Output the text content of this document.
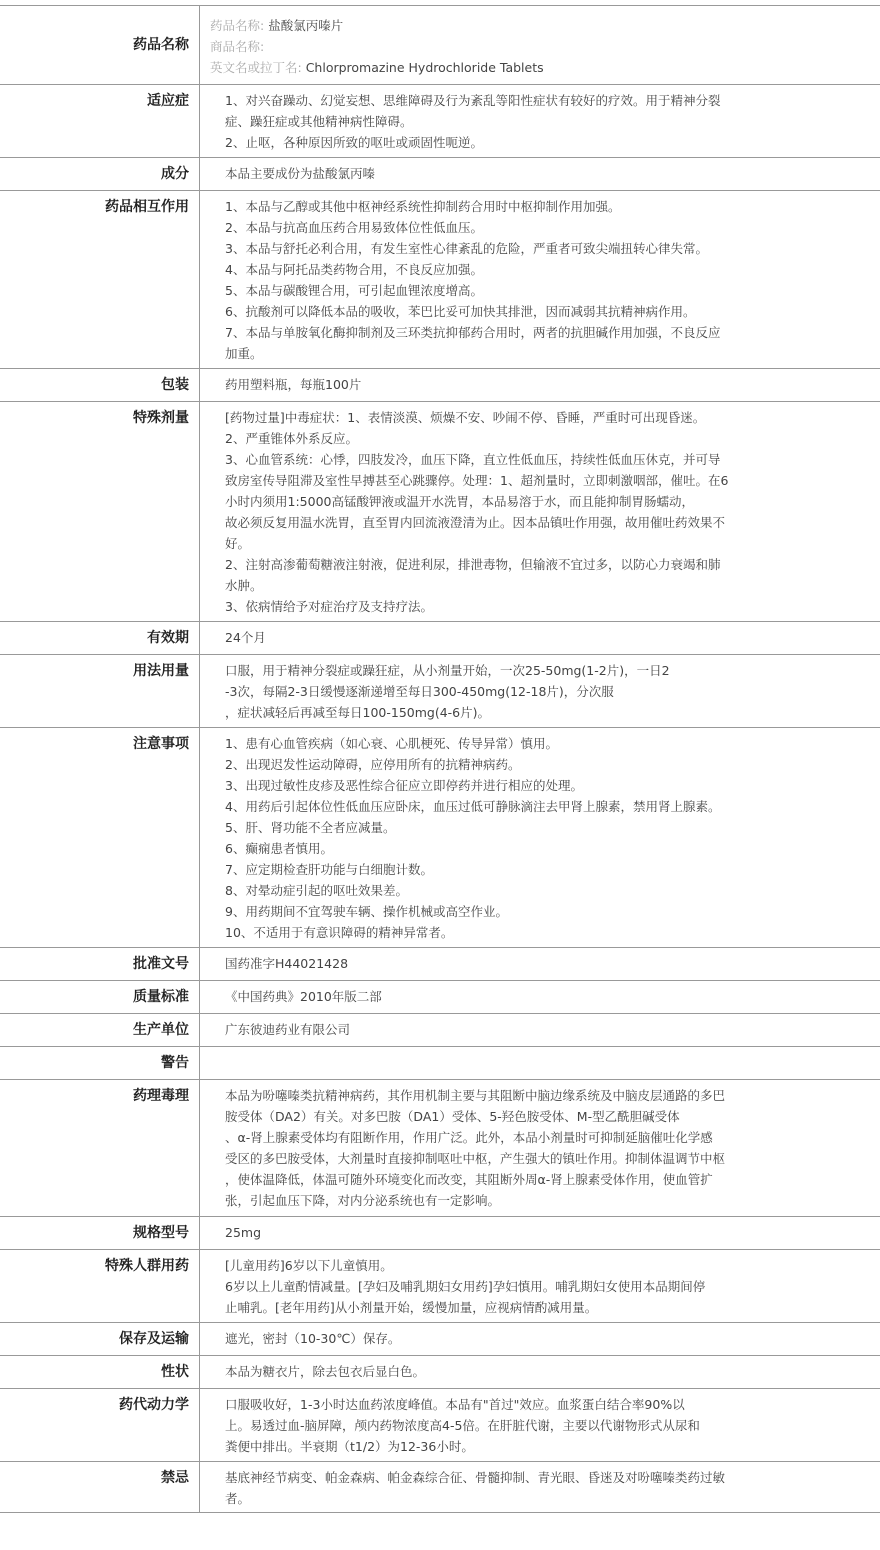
药品名称
药品名称: 盐酸氯丙嗪片
商品名称:
英文名或拉丁名: Chlorpromazine Hydrochloride Tablets
适应症	1、对兴奋躁动、幻觉妄想、思维障碍及行为紊乱等阳性症状有较好的疗效。用于精神分裂
症、躁狂症或其他精神病性障碍。
2、止呕，各种原因所致的呕吐或顽固性呃逆。
成分	本品主要成份为盐酸氯丙嗪
药品相互作用	1、本品与乙醇或其他中枢神经系统性抑制药合用时中枢抑制作用加强。
2、本品与抗高血压药合用易致体位性低血压。
3、本品与舒托必利合用，有发生室性心律紊乱的危险，严重者可致尖端扭转心律失常。
4、本品与阿托品类药物合用，不良反应加强。
5、本品与碳酸锂合用，可引起血锂浓度增高。
6、抗酸剂可以降低本品的吸收，苯巴比妥可加快其排泄，因而减弱其抗精神病作用。
7、本品与单胺氧化酶抑制剂及三环类抗抑郁药合用时，两者的抗胆碱作用加强，不良反应
加重。
包装	药用塑料瓶，每瓶100片
特殊剂量	[药物过量]中毒症状：1、表情淡漠、烦燥不安、吵闹不停、昏睡，严重时可出现昏迷。
2、严重锥体外系反应。
3、心血管系统：心悸，四肢发冷，血压下降，直立性低血压，持续性低血压休克，并可导
致房室传导阻滞及室性早搏甚至心跳骤停。处理：1、超剂量时，立即刺激咽部，催吐。在6
小时内须用1:5000高锰酸钾液或温开水洗胃，本品易溶于水，而且能抑制胃肠蠕动，
故必须反复用温水洗胃，直至胃内回流液澄清为止。因本品镇吐作用强，故用催吐药效果不
好。
2、注射高渗葡萄糖液注射液，促进利尿，排泄毒物，但输液不宜过多，以防心力衰竭和肺
水肿。
3、依病情给予对症治疗及支持疗法。
有效期	24个月
用法用量	口服，用于精神分裂症或躁狂症，从小剂量开始，一次25-50mg(1-2片)，一日2
-3次，每隔2-3日缓慢逐渐递增至每日300-450mg(12-18片)，分次服
，症状减轻后再减至每日100-150mg(4-6片)。
注意事项	1、患有心血管疾病（如心衰、心肌梗死、传导异常）慎用。
2、出现迟发性运动障碍，应停用所有的抗精神病药。
3、出现过敏性皮疹及恶性综合征应立即停药并进行相应的处理。
4、用药后引起体位性低血压应卧床，血压过低可静脉滴注去甲肾上腺素，禁用肾上腺素。
5、肝、肾功能不全者应减量。
6、癫痫患者慎用。
7、应定期检查肝功能与白细胞计数。
8、对晕动症引起的呕吐效果差。
9、用药期间不宜驾驶车辆、操作机械或高空作业。
10、不适用于有意识障碍的精神异常者。
批准文号	国药准字H44021428
质量标准	《中国药典》2010年版二部
生产单位	广东彼迪药业有限公司
警告
药理毒理	本品为吩噻嗪类抗精神病药，其作用机制主要与其阻断中脑边缘系统及中脑皮层通路的多巴
胺受体（DA2）有关。对多巴胺（DA1）受体、5-羟色胺受体、M-型乙酰胆碱受体
、α-肾上腺素受体均有阻断作用，作用广泛。此外，本品小剂量时可抑制延脑催吐化学感
受区的多巴胺受体，大剂量时直接抑制呕吐中枢，产生强大的镇吐作用。抑制体温调节中枢
，使体温降低，体温可随外环境变化而改变，其阻断外周α-肾上腺素受体作用，使血管扩
张，引起血压下降，对内分泌系统也有一定影响。
规格型号	25mg
特殊人群用药	[儿童用药]6岁以下儿童慎用。
6岁以上儿童酌情减量。[孕妇及哺乳期妇女用药]孕妇慎用。哺乳期妇女使用本品期间停
止哺乳。[老年用药]从小剂量开始，缓慢加量，应视病情酌减用量。
保存及运输	遮光，密封（10-30℃）保存。
性状	本品为糖衣片，除去包衣后显白色。
药代动力学	口服吸收好，1-3小时达血药浓度峰值。本品有"首过"效应。血浆蛋白结合率90%以
上。易透过血-脑屏障，颅内药物浓度高4-5倍。在肝脏代谢，主要以代谢物形式从尿和
粪便中排出。半衰期（t1/2）为12-36小时。
禁忌	基底神经节病变、帕金森病、帕金森综合征、骨髓抑制、青光眼、昏迷及对吩噻嗪类药过敏
者。
